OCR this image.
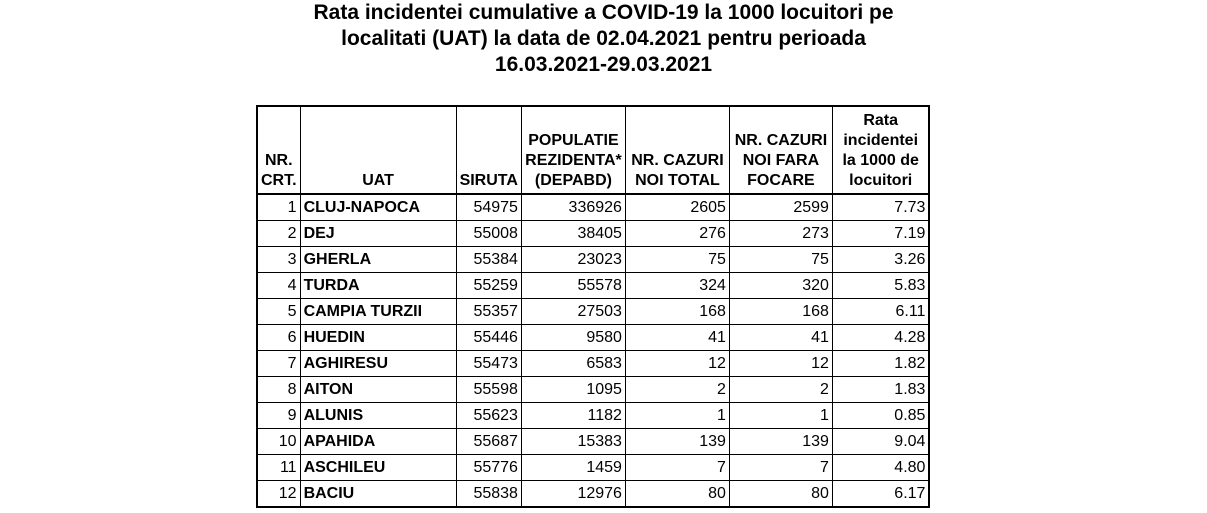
Rata incidentei cumulative a COVID-19 la 1000 locuitori pe
localitati (UAT) la data de 02.04.2021 pentru perioada
16.03.2021-29.03.2021
NR. CRT.	UAT	SIRUTA	POPULATIE REZIDENTA* (DEPABD)	NR. CAZURI NOI TOTAL	NR. CAZURI NOI FARA FOCARE	Rata incidentei la 1000 de locuitori
1	CLUJ-NAPOCA	54975	336926	2605	2599	7.73
2	DEJ	55008	38405	276	273	7.19
3	GHERLA	55384	23023	75	75	3.26
4	TURDA	55259	55578	324	320	5.83
5	CAMPIA TURZII	55357	27503	168	168	6.11
6	HUEDIN	55446	9580	41	41	4.28
7	AGHIRESU	55473	6583	12	12	1.82
8	AITON	55598	1095	2	2	1.83
9	ALUNIS	55623	1182	1	1	0.85
10	APAHIDA	55687	15383	139	139	9.04
11	ASCHILEU	55776	1459	7	7	4.80
12	BACIU	55838	12976	80	80	6.17
